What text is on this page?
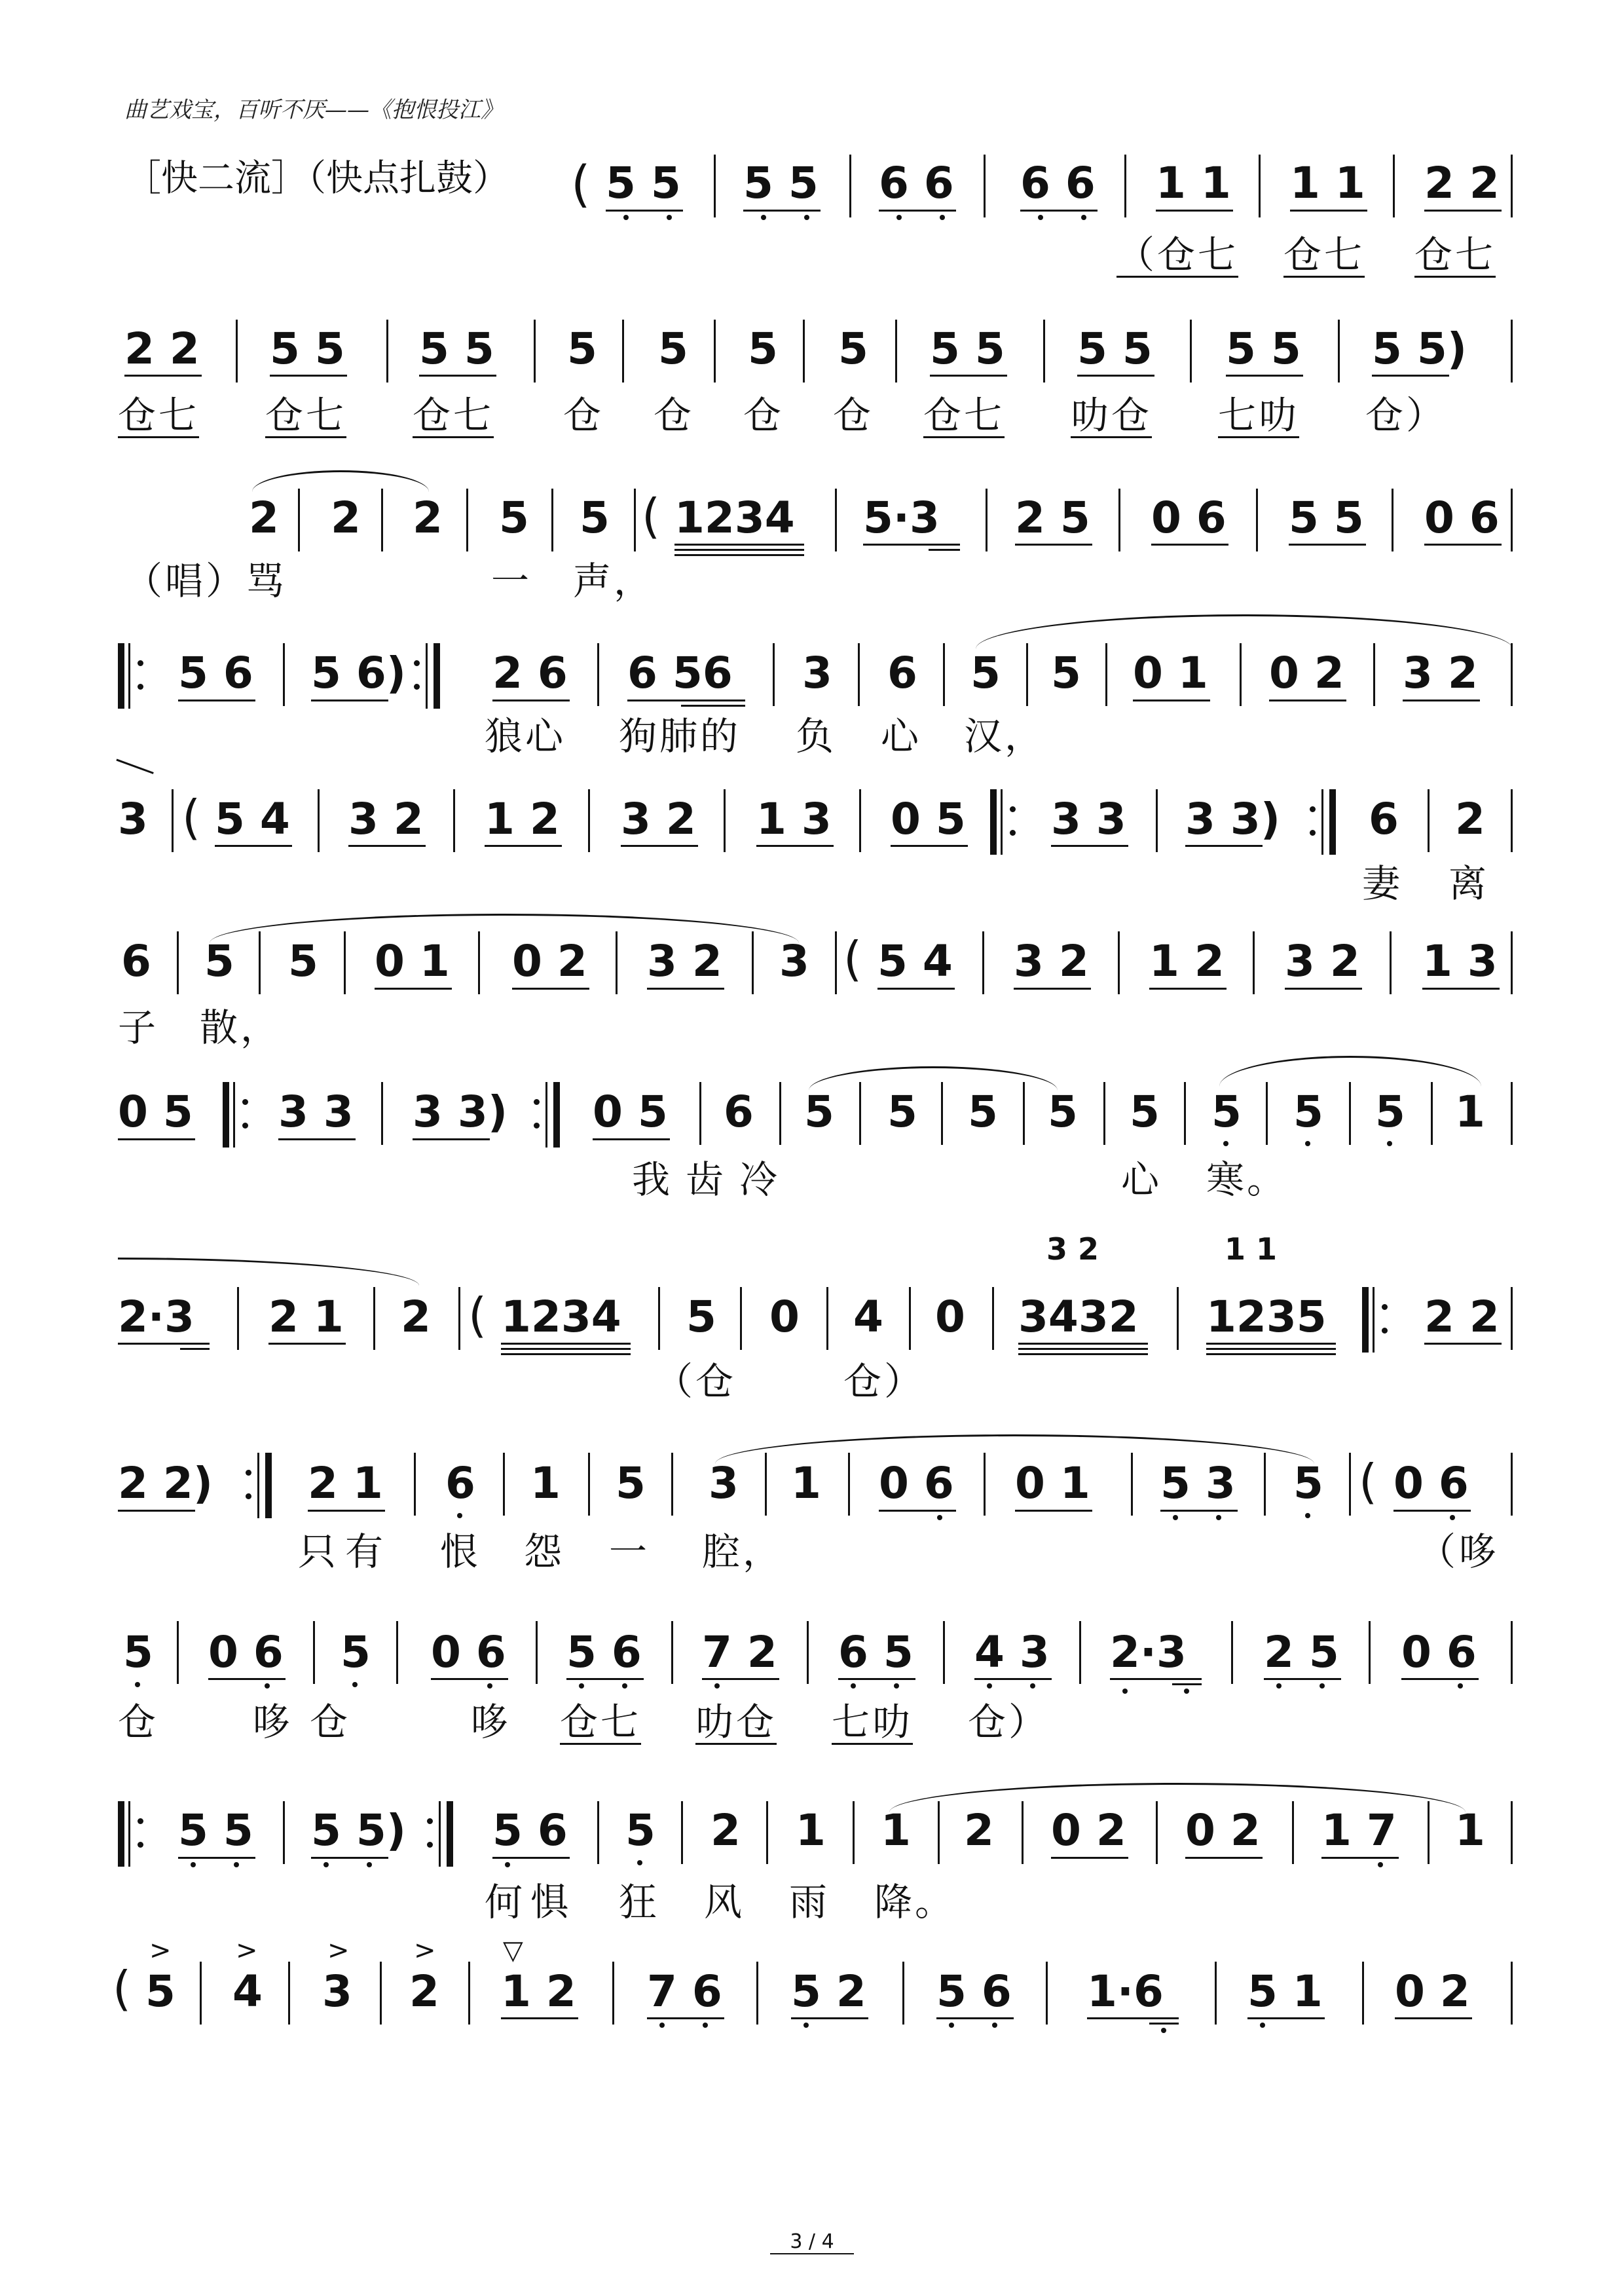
曲艺戏宝，百听不厌——《抱恨投江》
［快二流］（快点扎鼓） ( 5 5 5 5 6 6 6 6 1 1 1 1 2 2
（仓七 仓七 仓七
2 2 5 5 5 5 5 5 5 5 5 5 5 5 5 5 5 5)
仓七 仓七 仓七 仓 仓 仓 仓 仓七 叻仓 七叻 仓）
2 2 2 5 5 ( 1234 5·3 2 5 0 6 5 5 0 6
（唱）骂	一 声，
5 6 5 6) 2 6 6 56 3 6 5 5 0 1 0 2 3 2
狼心 狗肺的 负 心 汉，
3 ( 5 4 3 2 1 2 3 2 1 3 0 5 3 3 3 3) 6 2
妻 离
6 5 5 0 1 0 2 3 2 3 ( 5 4 3 2 1 2 3 2 1 3
子 散，
0 5 3 3 3 3) 0 5 6 5 5 5 5 5 5 5 5 1
我齿冷	心 寒。
3 2	1 1
2·3 2 1 2 ( 1234 5 0 4 0 3432 1235 2 2
（仓	仓）
2 2) 2 1 6 1 5 3 1 0 6 0 1 5 3 5 ( 0 6
只有 恨 怨 一 腔，	（哆
5 0 6 5 0 6 5 6 7 2 6 5 4 3 2·3 2 5 0 6
仓 哆仓	哆 仓七 叻仓 七叻 仓）
5 5 5 5) 5 6 5 2 1 1 2 0 2 0 2 1 7 1
何惧 狂 风 雨 降。
> >	> >	▽
( 5 4 3 2 1 2 7 6 5 2 5 6 1·6 5 1 0 2
3 / 4
